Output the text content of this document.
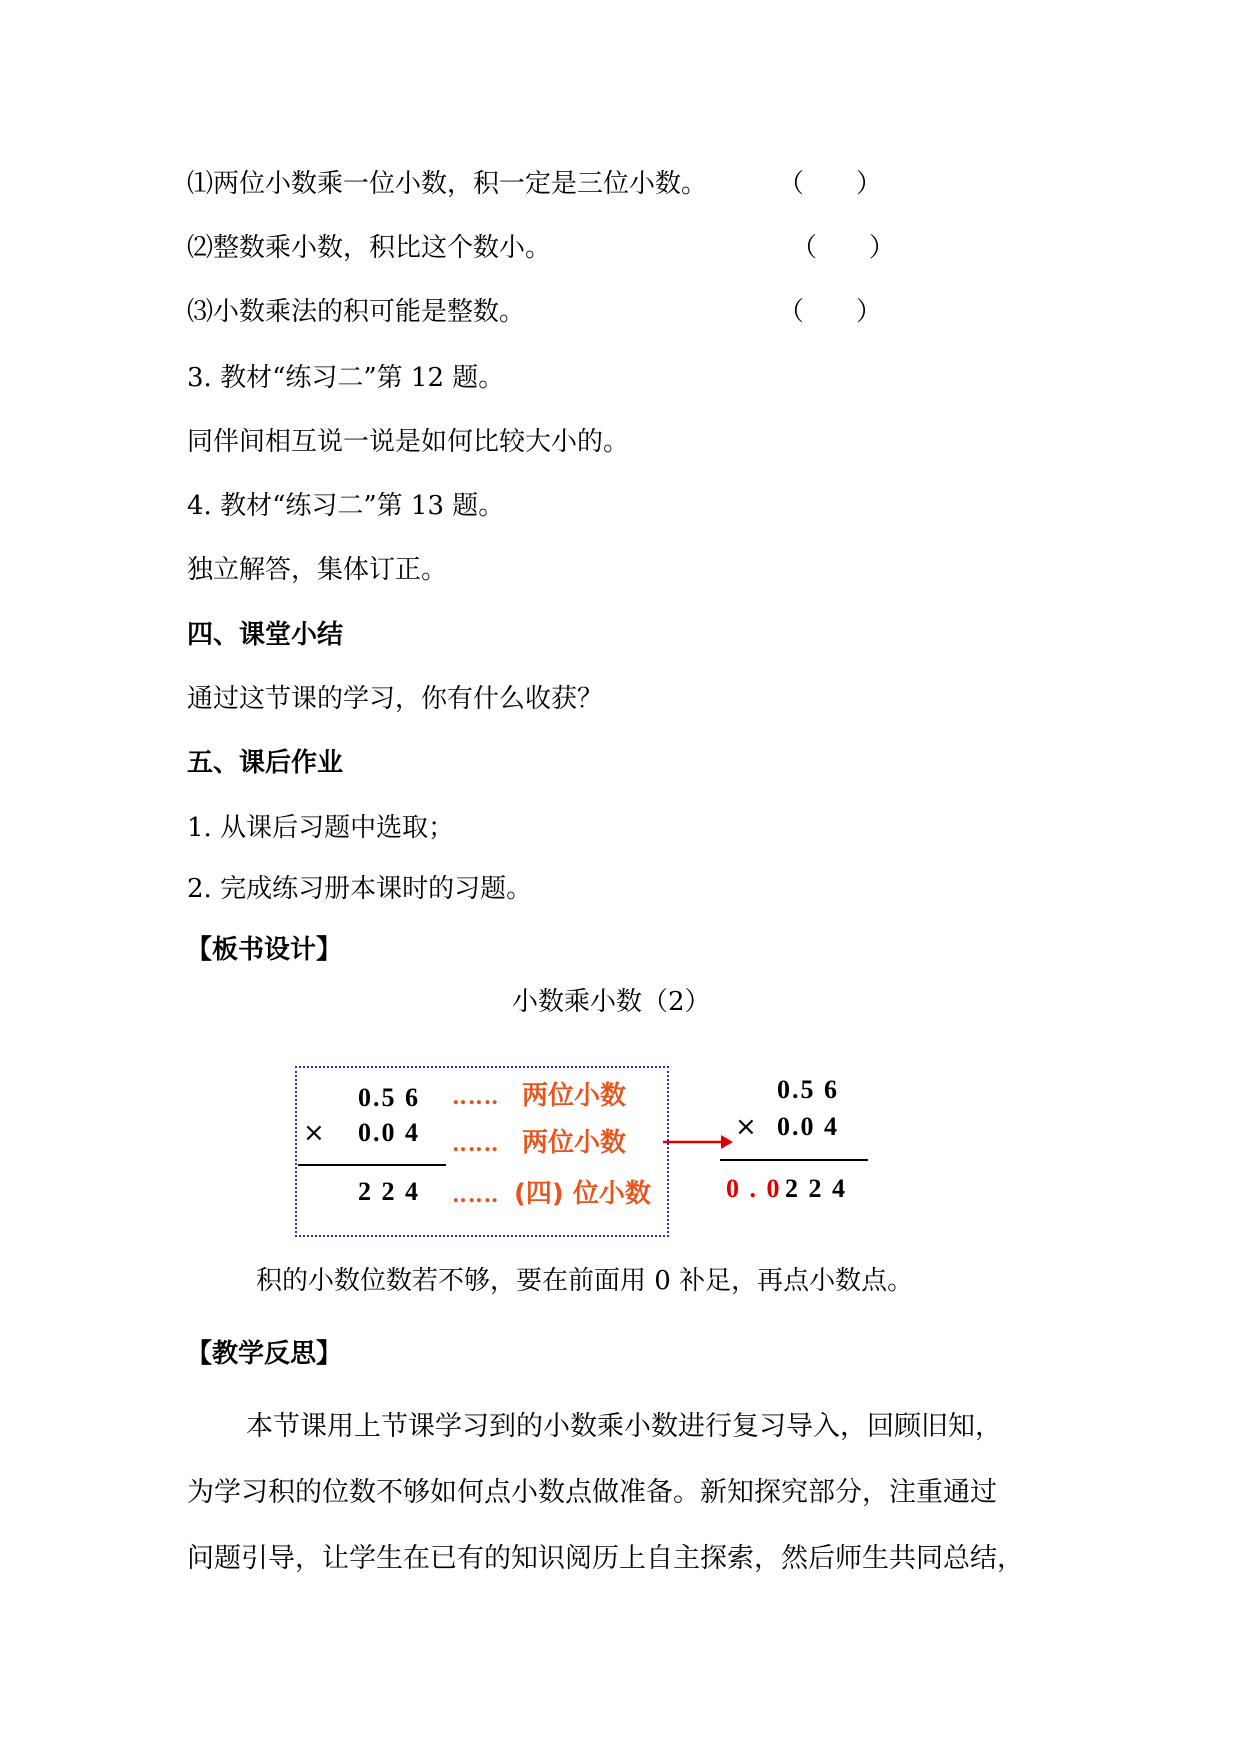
⑴两位小数乘一位小数，积一定是三位小数。	（　　）
⑵整数乘小数，积比这个数小。	（　　）
⑶小数乘法的积可能是整数。	（　　）
3. 教材“练习二”第 12 题。
同伴间相互说一说是如何比较大小的。
4. 教材“练习二”第 13 题。
独立解答，集体订正。
四、课堂小结
通过这节课的学习，你有什么收获？
五、课后作业
1. 从课后习题中选取；
2. 完成练习册本课时的习题。
【板书设计】
小数乘小数（2）
0.5 6
× 0.0 4
2 2 4
‥‥‥ 两位小数
‥‥‥ 两位小数
‥‥‥ (四) 位小数
0.5 6
× 0.0 4
0 . 0 2 2 4
积的小数位数若不够，要在前面用 0 补足，再点小数点。
【教学反思】
本节课用上节课学习到的小数乘小数进行复习导入，回顾旧知，
为学习积的位数不够如何点小数点做准备。新知探究部分，注重通过
问题引导，让学生在已有的知识阅历上自主探索，然后师生共同总结，
